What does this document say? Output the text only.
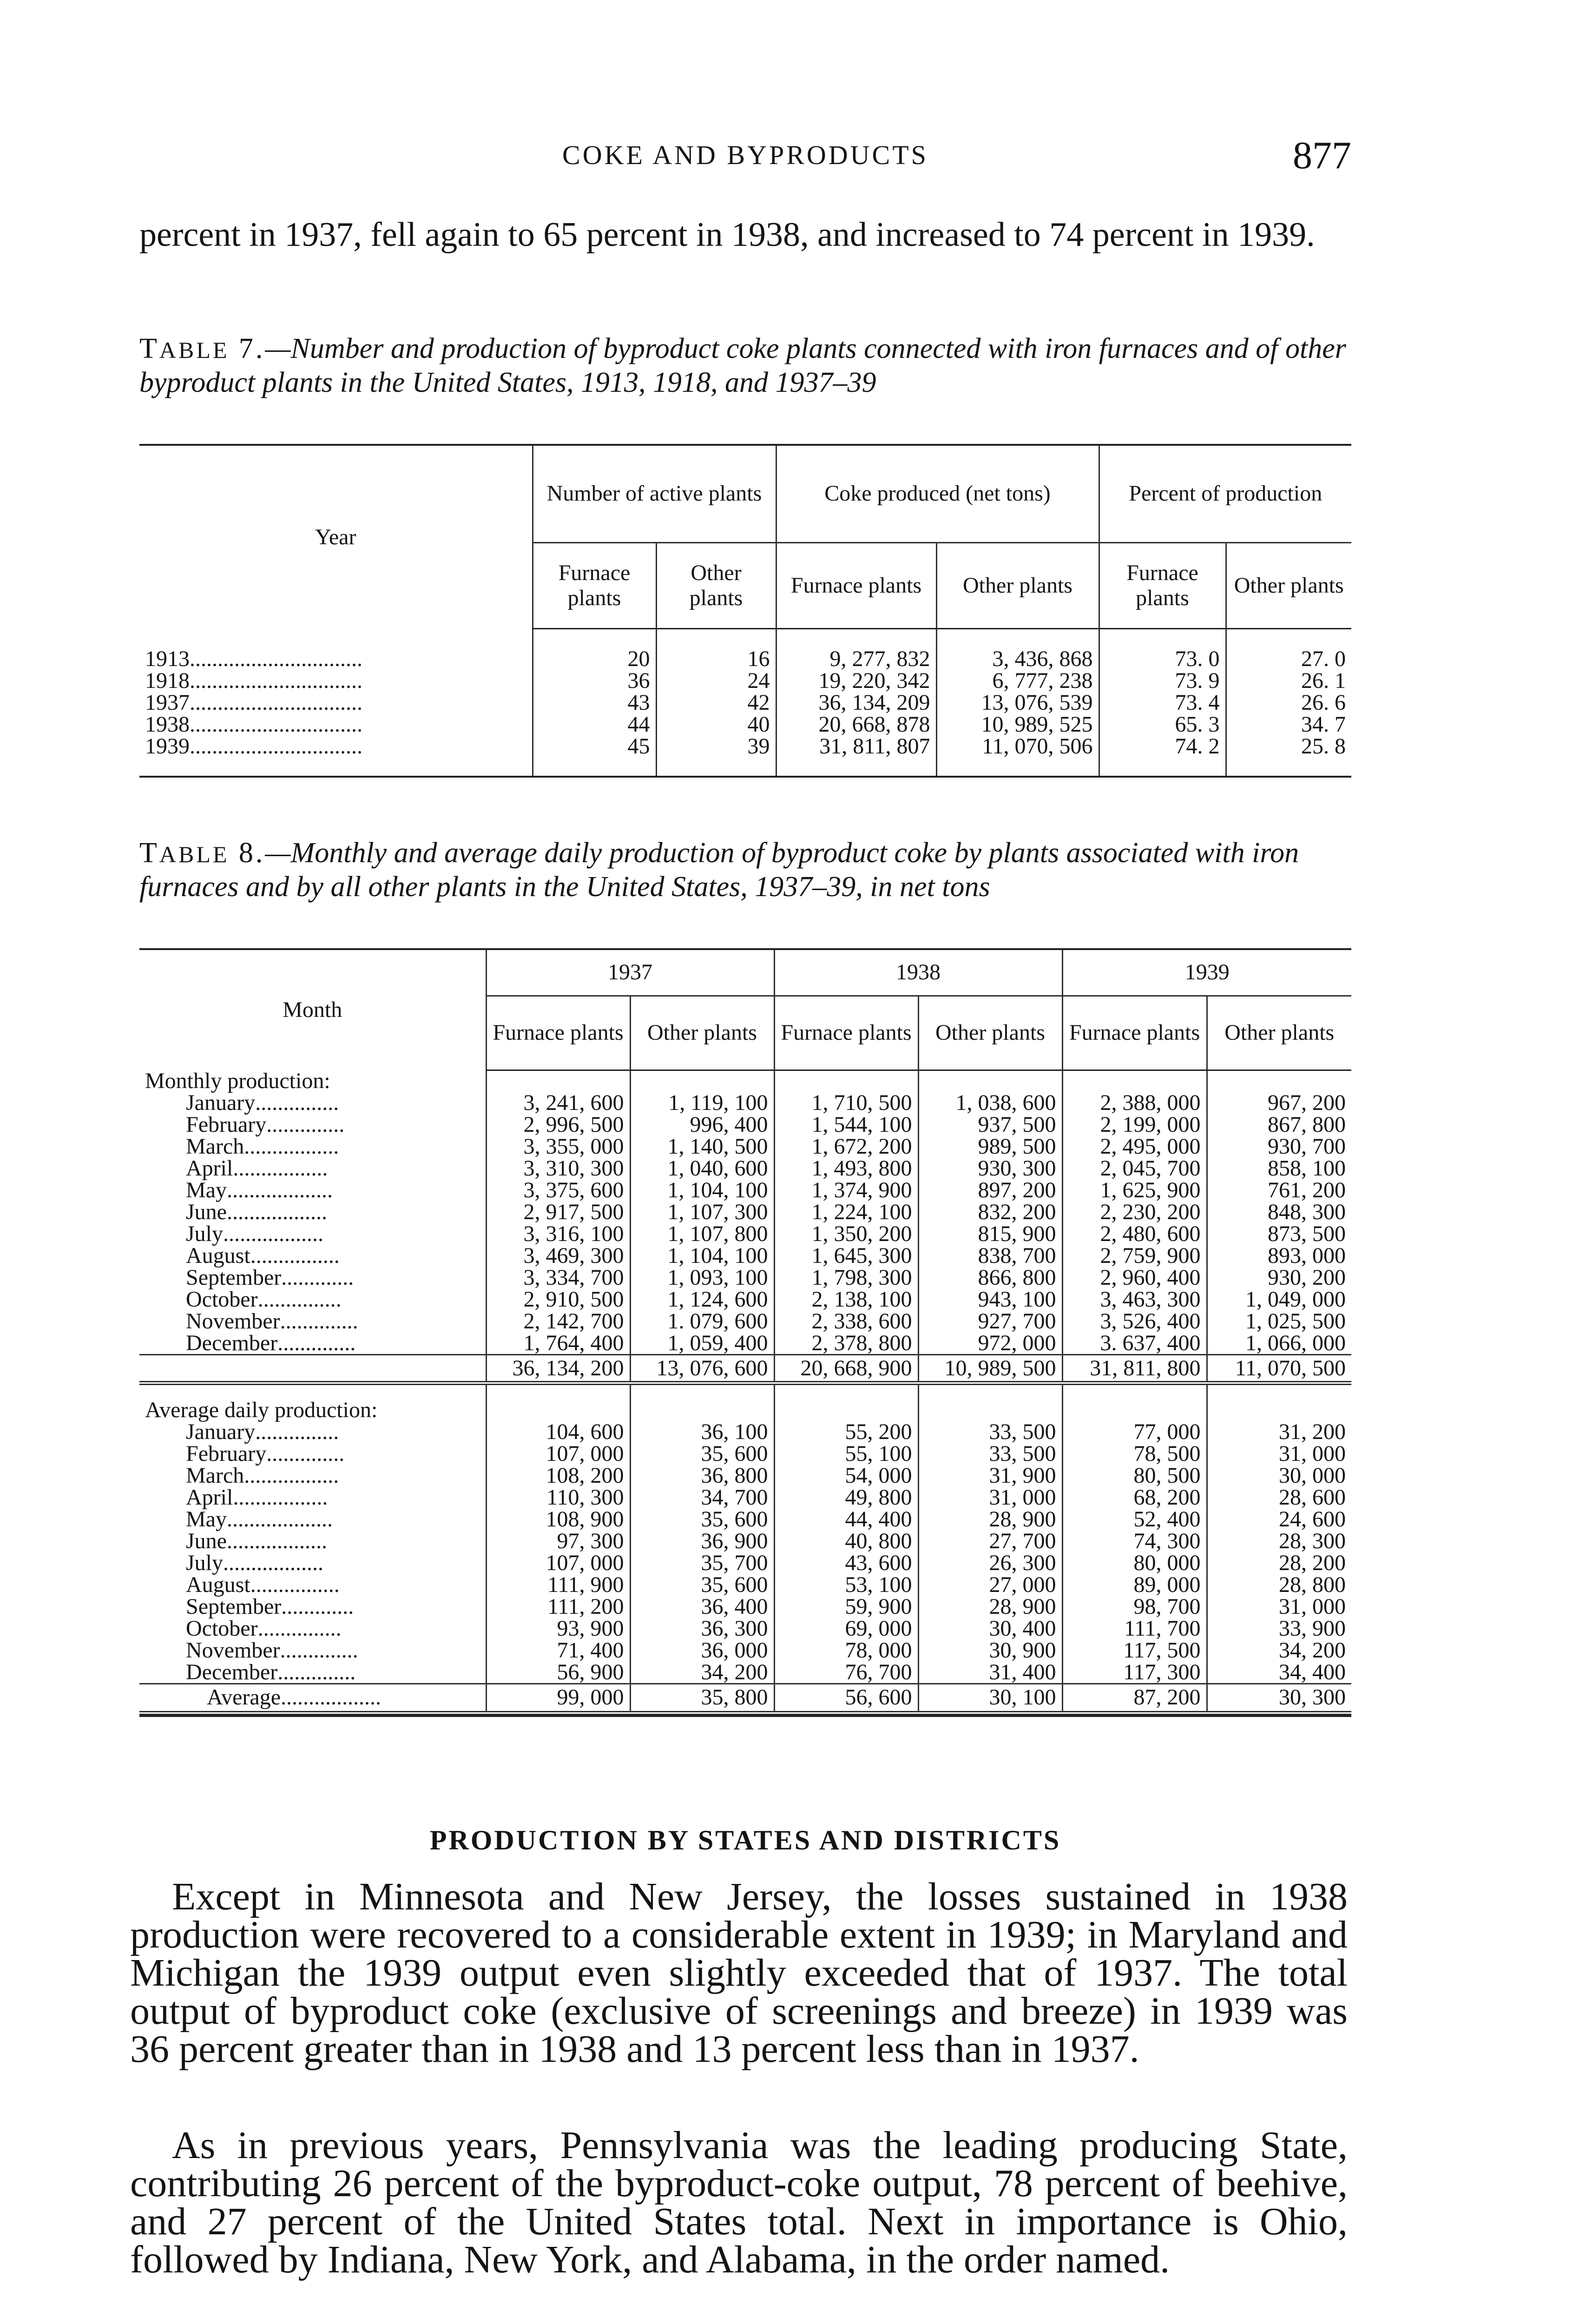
COKE AND BYPRODUCTS	877

percent in 1937, fell again to 65 percent in 1938, and increased to 74 percent in 1939.

TABLE 7.—Number and production of byproduct coke plants connected with iron furnaces and of other byproduct plants in the United States, 1913, 1918, and 1937–39

Year	Number of active plants		Coke produced (net tons)		Percent of production	
	Furnace plants	Other plants	Furnace plants	Other plants	Furnace plants	Other plants

1913...............................	20	16	9, 277, 832	3, 436, 868	73. 0	27. 0
1918...............................	36	24	19, 220, 342	6, 777, 238	73. 9	26. 1
1937...............................	43	42	36, 134, 209	13, 076, 539	73. 4	26. 6
1938...............................	44	40	20, 668, 878	10, 989, 525	65. 3	34. 7
1939...............................	45	39	31, 811, 807	11, 070, 506	74. 2	25. 8

TABLE 8.—Monthly and average daily production of byproduct coke by plants associated with iron furnaces and by all other plants in the United States, 1937–39, in net tons

Month	1937		1938		1939	
	Furnace plants	Other plants	Furnace plants	Other plants	Furnace plants	Other plants
Monthly production:						
January...............	3, 241, 600	1, 119, 100	1, 710, 500	1, 038, 600	2, 388, 000	967, 200
February..............	2, 996, 500	996, 400	1, 544, 100	937, 500	2, 199, 000	867, 800
March.................	3, 355, 000	1, 140, 500	1, 672, 200	989, 500	2, 495, 000	930, 700
April.................	3, 310, 300	1, 040, 600	1, 493, 800	930, 300	2, 045, 700	858, 100
May...................	3, 375, 600	1, 104, 100	1, 374, 900	897, 200	1, 625, 900	761, 200
June..................	2, 917, 500	1, 107, 300	1, 224, 100	832, 200	2, 230, 200	848, 300
July..................	3, 316, 100	1, 107, 800	1, 350, 200	815, 900	2, 480, 600	873, 500
August................	3, 469, 300	1, 104, 100	1, 645, 300	838, 700	2, 759, 900	893, 000
September.............	3, 334, 700	1, 093, 100	1, 798, 300	866, 800	2, 960, 400	930, 200
October...............	2, 910, 500	1, 124, 600	2, 138, 100	943, 100	3, 463, 300	1, 049, 000
November..............	2, 142, 700	1. 079, 600	2, 338, 600	927, 700	3, 526, 400	1, 025, 500
December..............	1, 764, 400	1, 059, 400	2, 378, 800	972, 000	3. 637, 400	1, 066, 000
	36, 134, 200	13, 076, 600	20, 668, 900	10, 989, 500	31, 811, 800	11, 070, 500
Average daily production:						
January...............	104, 600	36, 100	55, 200	33, 500	77, 000	31, 200
February..............	107, 000	35, 600	55, 100	33, 500	78, 500	31, 000
March.................	108, 200	36, 800	54, 000	31, 900	80, 500	30, 000
April.................	110, 300	34, 700	49, 800	31, 000	68, 200	28, 600
May...................	108, 900	35, 600	44, 400	28, 900	52, 400	24, 600
June..................	97, 300	36, 900	40, 800	27, 700	74, 300	28, 300
July..................	107, 000	35, 700	43, 600	26, 300	80, 000	28, 200
August................	111, 900	35, 600	53, 100	27, 000	89, 000	28, 800
September.............	111, 200	36, 400	59, 900	28, 900	98, 700	31, 000
October...............	93, 900	36, 300	69, 000	30, 400	111, 700	33, 900
November..............	71, 400	36, 000	78, 000	30, 900	117, 500	34, 200
December..............	56, 900	34, 200	76, 700	31, 400	117, 300	34, 400
Average..................	99, 000	35, 800	56, 600	30, 100	87, 200	30, 300
PRODUCTION BY STATES AND DISTRICTS

Except in Minnesota and New Jersey, the losses sustained in 1938 production were recovered to a considerable extent in 1939; in Maryland and Michigan the 1939 output even slightly exceeded that of 1937. The total output of byproduct coke (exclusive of screenings and breeze) in 1939 was 36 percent greater than in 1938 and 13 percent less than in 1937.

As in previous years, Pennsylvania was the leading producing State, contributing 26 percent of the byproduct-coke output, 78 percent of beehive, and 27 percent of the United States total. Next in importance is Ohio, followed by Indiana, New York, and Alabama, in the order named.
